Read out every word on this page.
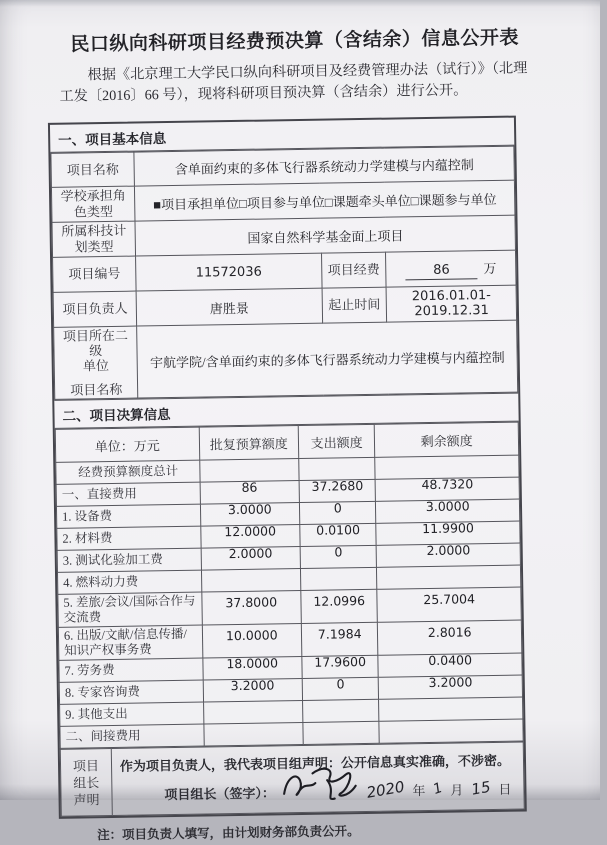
民口纵向科研项目经费预决算（含结余）信息公开表

根据《北京理工大学民口纵向科研项目及经费管理办法（试行）》（北理工发〔2016〕66 号），现将科研项目预决算（含结余）进行公开。

一、项目基本信息
项目名称	含单面约束的多体飞行器系统动力学建模与内蕴控制		
学校承担角色类型	■项目承担单位□项目参与单位□课题牵头单位□课题参与单位		
所属科技计划类型	国家自然科学基金面上项目		
项目编号	11572036	项目经费	86 万
项目负责人	唐胜景	起止时间	2016.01.01-2019.12.31

项目所在二级
单位
项目名称	宇航学院/含单面约束的多体飞行器系统动力学建模与内蕴控制		
二、项目决算信息
单位：万元	批复预算额度	支出额度	剩余额度
经费预算额度总计			
一、直接费用	86	37.2680	48.7320
1. 设备费	3.0000	0	3.0000
2. 材料费	12.0000	0.0100	11.9900
3. 测试化验加工费	2.0000	0	2.0000
4. 燃料动力费			
5. 差旅/会议/国际合作与交流费	37.8000	12.0996	25.7004
6. 出版/文献/信息传播/知识产权事务费	10.0000	7.1984	2.8016
7. 劳务费	18.0000	17.9600	0.0400
8. 专家咨询费	3.2000	0	3.2000
9. 其他支出			
二、间接费用			
项目
组长
声明

作为项目负责人，我代表项目组声明：公开信息真实准确，不涉密。
项目组长（签字）：	2020 年 1 月 15 日

注：项目负责人填写，由计划财务部负责公开。
